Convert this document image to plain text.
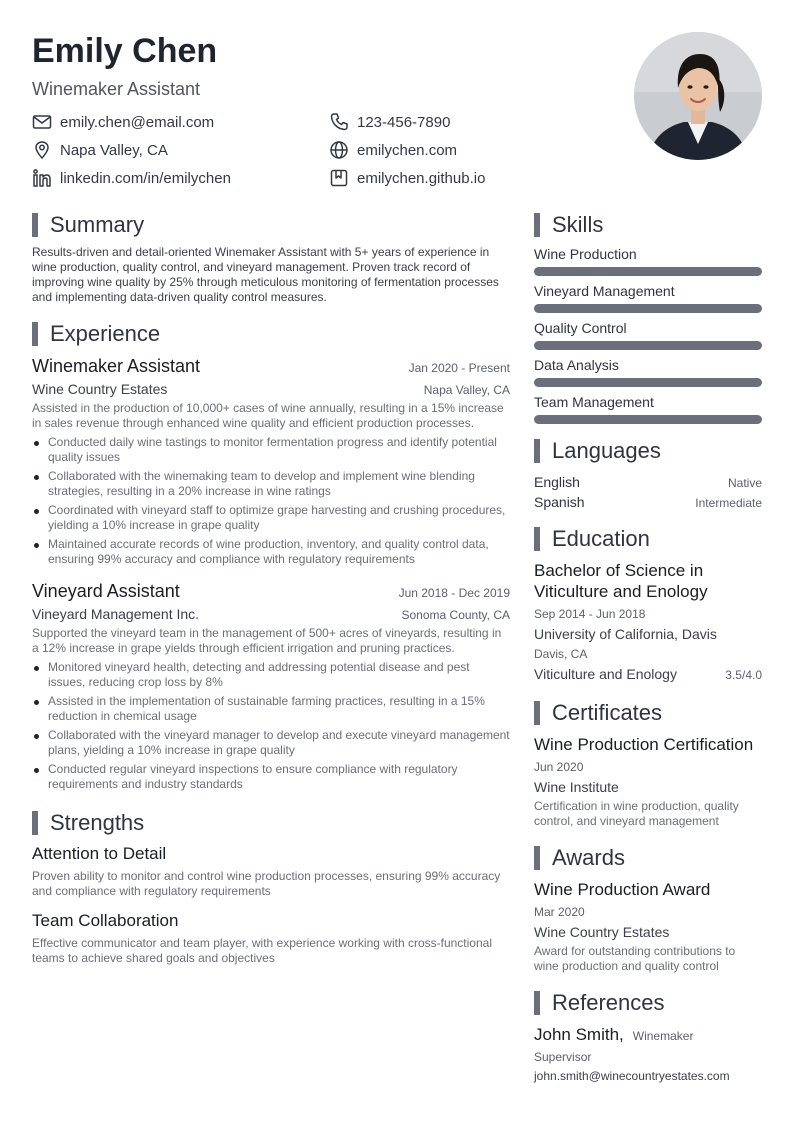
Emily Chen
Winemaker Assistant
emily.chen@email.com	123-456-7890
Napa Valley, CA	emilychen.com
linkedin.com/in/emilychen	emilychen.github.io
Summary

Results-driven and detail-oriented Winemaker Assistant with 5+ years of experience in wine production, quality control, and vineyard management. Proven track record of improving wine quality by 25% through meticulous monitoring of fermentation processes and implementing data-driven quality control measures.

Experience
Winemaker Assistant	Jan 2020 - Present
Wine Country Estates	Napa Valley, CA

Assisted in the production of 10,000+ cases of wine annually, resulting in a 15% increase in sales revenue through enhanced wine quality and efficient production processes.

Conducted daily wine tastings to monitor fermentation progress and identify potential quality issues
Collaborated with the winemaking team to develop and implement wine blending strategies, resulting in a 20% increase in wine ratings
Coordinated with vineyard staff to optimize grape harvesting and crushing procedures, yielding a 10% increase in grape quality
Maintained accurate records of wine production, inventory, and quality control data, ensuring 99% accuracy and compliance with regulatory requirements
Vineyard Assistant	Jun 2018 - Dec 2019
Vineyard Management Inc.	Sonoma County, CA

Supported the vineyard team in the management of 500+ acres of vineyards, resulting in a 12% increase in grape yields through efficient irrigation and pruning practices.

Monitored vineyard health, detecting and addressing potential disease and pest issues, reducing crop loss by 8%
Assisted in the implementation of sustainable farming practices, resulting in a 15% reduction in chemical usage
Collaborated with the vineyard manager to develop and execute vineyard management plans, yielding a 10% increase in grape quality
Conducted regular vineyard inspections to ensure compliance with regulatory requirements and industry standards
Strengths
Attention to Detail

Proven ability to monitor and control wine production processes, ensuring 99% accuracy and compliance with regulatory requirements

Team Collaboration

Effective communicator and team player, with experience working with cross-functional teams to achieve shared goals and objectives

Skills
Wine Production
Vineyard Management
Quality Control
Data Analysis
Team Management
Languages
English	Native
Spanish	Intermediate
Education
Bachelor of Science in Viticulture and Enology
Sep 2014 - Jun 2018
University of California, Davis
Davis, CA
Viticulture and Enology	3.5/4.0
Certificates
Wine Production Certification
Jun 2020
Wine Institute
Certification in wine production, quality control, and vineyard management
Awards
Wine Production Award
Mar 2020
Wine Country Estates
Award for outstanding contributions to wine production and quality control
References
John Smith, Winemaker
Supervisor
john.smith@winecountryestates.com
